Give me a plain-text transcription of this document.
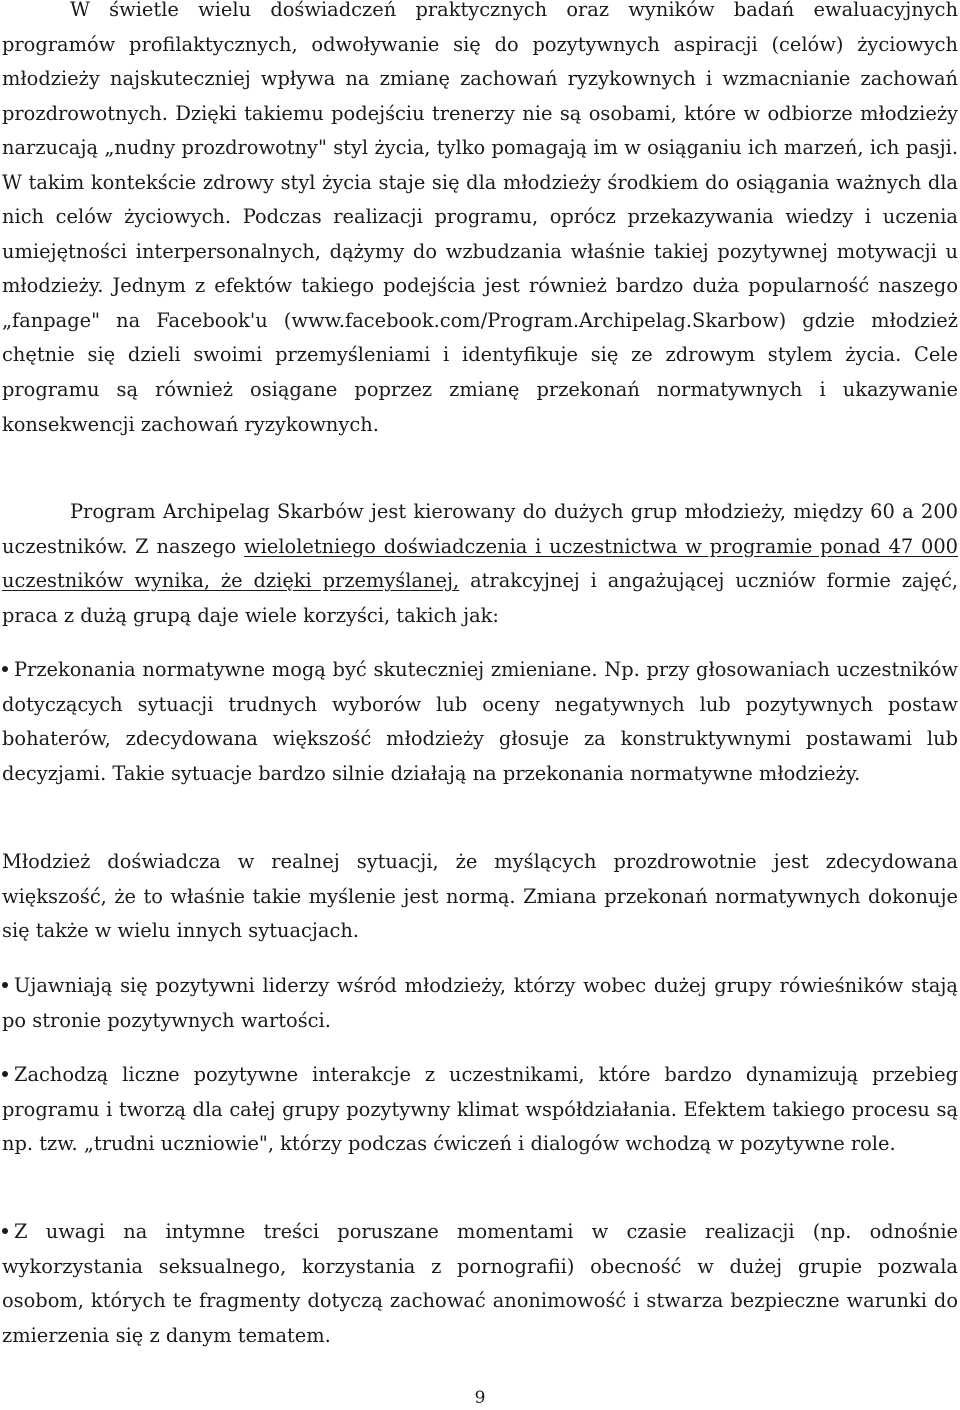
W świetle wielu doświadczeń praktycznych oraz wyników badań ewaluacyjnych programów profilaktycznych, odwoływanie się do pozytywnych aspiracji (celów) życiowych młodzieży najskuteczniej wpływa na zmianę zachowań ryzykownych i wzmacnianie zachowań prozdrowotnych. Dzięki takiemu podejściu trenerzy nie są osobami, które w odbiorze młodzieży narzucają „nudny prozdrowotny" styl życia, tylko pomagają im w osiąganiu ich marzeń, ich pasji. W takim kontekście zdrowy styl życia staje się dla młodzieży środkiem do osiągania ważnych dla nich celów życiowych. Podczas realizacji programu, oprócz przekazywania wiedzy i uczenia umiejętności interpersonalnych, dążymy do wzbudzania właśnie takiej pozytywnej motywacji u młodzieży. Jednym z efektów takiego podejścia jest również bardzo duża popularność naszego „fanpage" na Facebook'u (www.facebook.com/Program.Archipelag.Skarbow) gdzie młodzież chętnie się dzieli swoimi przemyśleniami i identyfikuje się ze zdrowym stylem życia. Cele programu są również osiągane poprzez zmianę przekonań normatywnych i ukazywanie konsekwencji zachowań ryzykownych.

Program Archipelag Skarbów jest kierowany do dużych grup młodzieży, między 60 a 200 uczestników. Z naszego wieloletniego doświadczenia i uczestnictwa w programie ponad 47 000 uczestników wynika, że dzięki przemyślanej, atrakcyjnej i angażującej uczniów formie zajęć, praca z dużą grupą daje wiele korzyści, takich jak:

Przekonania normatywne mogą być skuteczniej zmieniane. Np. przy głosowaniach uczestników dotyczących sytuacji trudnych wyborów lub oceny negatywnych lub pozytywnych postaw bohaterów, zdecydowana większość młodzieży głosuje za konstruktywnymi postawami lub decyzjami. Takie sytuacje bardzo silnie działają na przekonania normatywne młodzieży.

Młodzież doświadcza w realnej sytuacji, że myślących prozdrowotnie jest zdecydowana większość, że to właśnie takie myślenie jest normą. Zmiana przekonań normatywnych dokonuje się także w wielu innych sytuacjach.

Ujawniają się pozytywni liderzy wśród młodzieży, którzy wobec dużej grupy rówieśników stają po stronie pozytywnych wartości.

Zachodzą liczne pozytywne interakcje z uczestnikami, które bardzo dynamizują przebieg programu i tworzą dla całej grupy pozytywny klimat współdziałania. Efektem takiego procesu są np. tzw. „trudni uczniowie", którzy podczas ćwiczeń i dialogów wchodzą w pozytywne role.

Z uwagi na intymne treści poruszane momentami w czasie realizacji (np. odnośnie wykorzystania seksualnego, korzystania z pornografii) obecność w dużej grupie pozwala osobom, których te fragmenty dotyczą zachować anonimowość i stwarza bezpieczne warunki do zmierzenia się z danym tematem.

9
